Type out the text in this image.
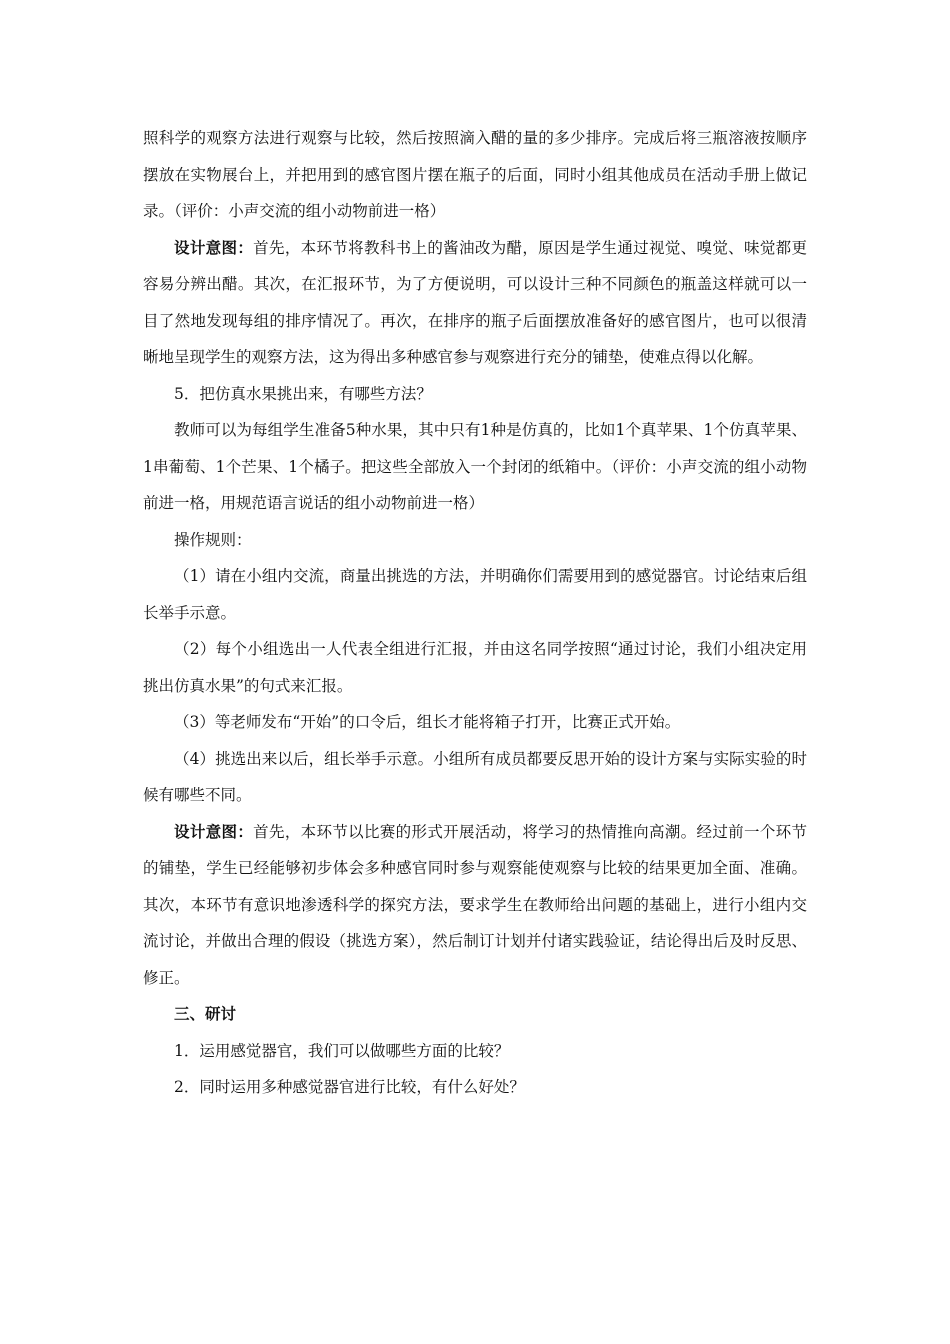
照科学的观察方法进行观察与比较，然后按照滴入醋的量的多少排序。完成后将三瓶溶液按顺序摆放在实物展台上，并把用到的感官图片摆在瓶子的后面，同时小组其他成员在活动手册上做记录。（评价：小声交流的组小动物前进一格）

设计意图：首先，本环节将教科书上的酱油改为醋，原因是学生通过视觉、嗅觉、味觉都更容易分辨出醋。其次，在汇报环节，为了方便说明，可以设计三种不同颜色的瓶盖这样就可以一目了然地发现每组的排序情况了。再次，在排序的瓶子后面摆放准备好的感官图片，也可以很清晰地呈现学生的观察方法，这为得出多种感官参与观察进行充分的铺垫，使难点得以化解。

5．把仿真水果挑出来，有哪些方法？

教师可以为每组学生准备5种水果，其中只有1种是仿真的，比如1个真苹果、1个仿真苹果、1串葡萄、1个芒果、1个橘子。把这些全部放入一个封闭的纸箱中。（评价：小声交流的组小动物前进一格，用规范语言说话的组小动物前进一格）

操作规则：

（1）请在小组内交流，商量出挑选的方法，并明确你们需要用到的感觉器官。讨论结束后组长举手示意。

（2）每个小组选出一人代表全组进行汇报，并由这名同学按照“通过讨论，我们小组决定用挑出仿真水果”的句式来汇报。

（3）等老师发布“开始”的口令后，组长才能将箱子打开，比赛正式开始。

（4）挑选出来以后，组长举手示意。小组所有成员都要反思开始的设计方案与实际实验的时候有哪些不同。

设计意图：首先，本环节以比赛的形式开展活动，将学习的热情推向高潮。经过前一个环节的铺垫，学生已经能够初步体会多种感官同时参与观察能使观察与比较的结果更加全面、准确。其次，本环节有意识地渗透科学的探究方法，要求学生在教师给出问题的基础上，进行小组内交流讨论，并做出合理的假设（挑选方案），然后制订计划并付诸实践验证，结论得出后及时反思、修正。

三、研讨

1．运用感觉器官，我们可以做哪些方面的比较？

2．同时运用多种感觉器官进行比较，有什么好处？
